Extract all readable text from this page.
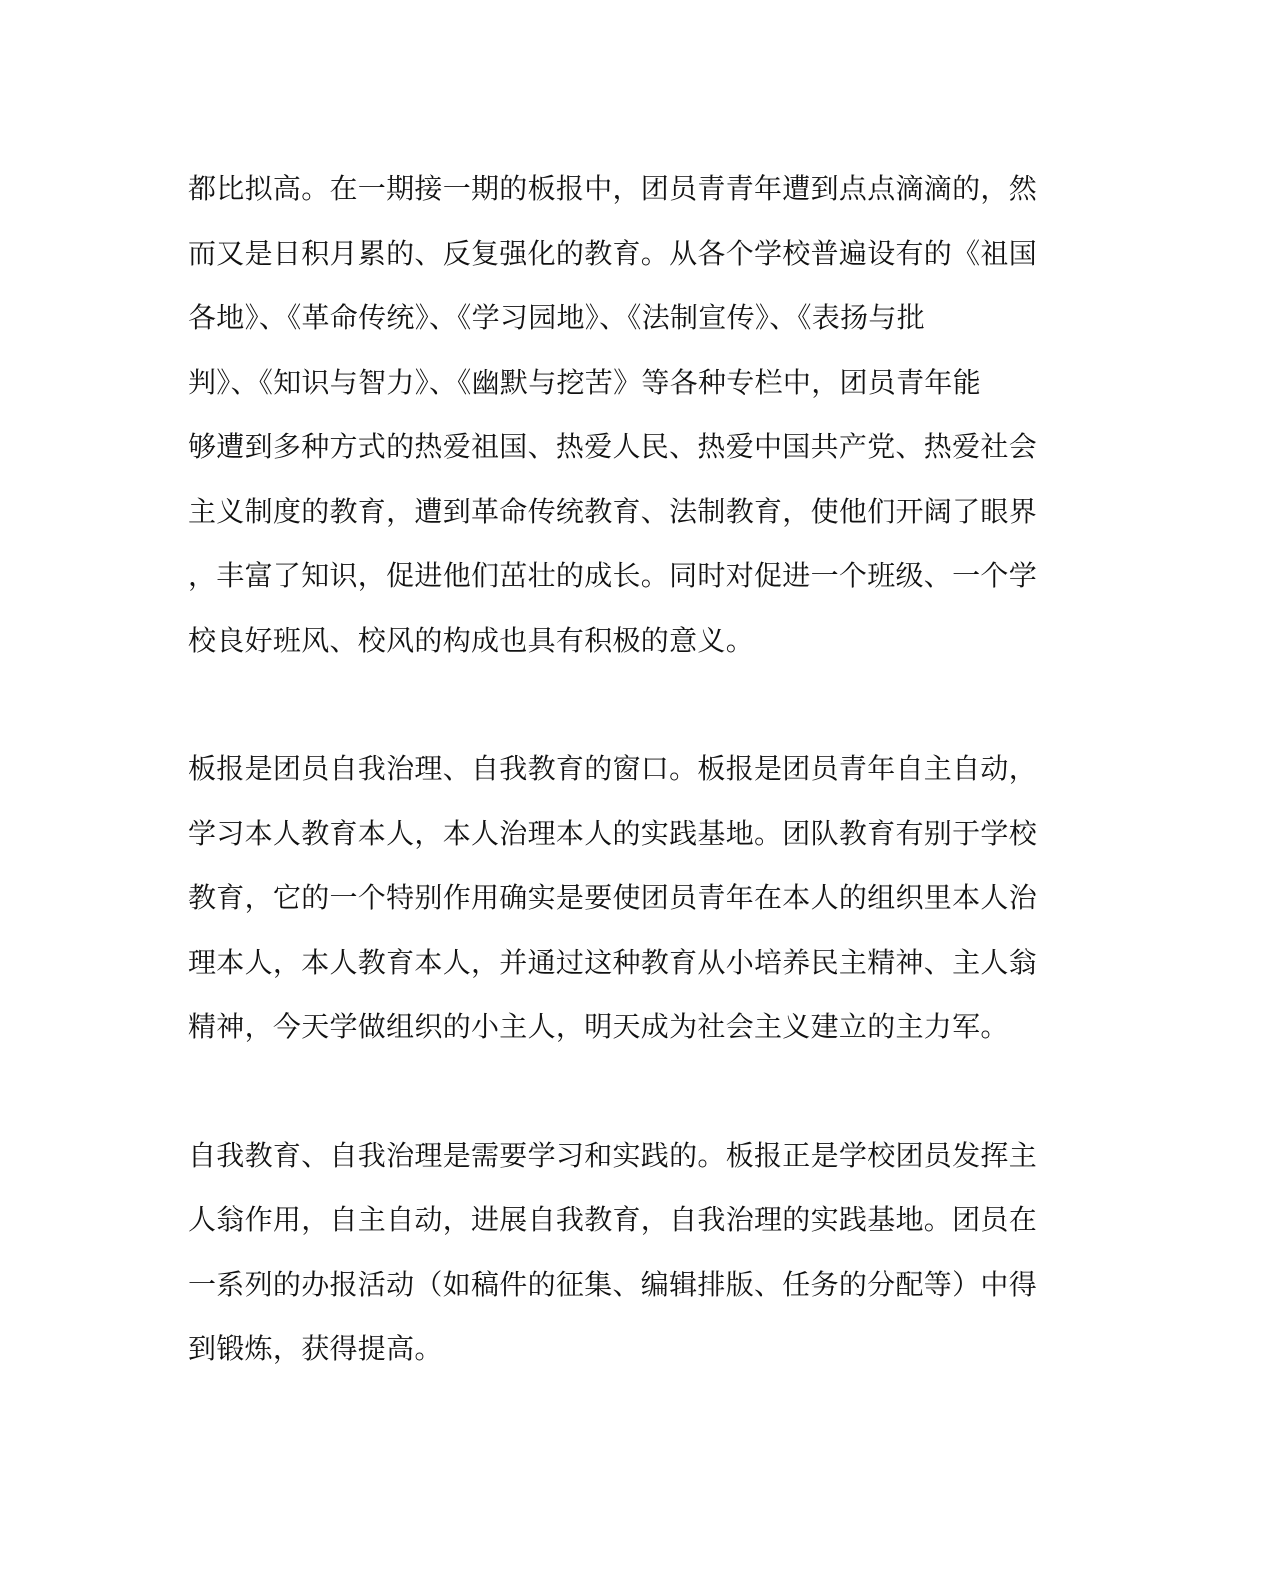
都比拟高。在一期接一期的板报中，团员青青年遭到点点滴滴的，然
而又是日积月累的、反复强化的教育。从各个学校普遍设有的《祖国
各地》、《革命传统》、《学习园地》、《法制宣传》、《表扬与批
判》、《知识与智力》、《幽默与挖苦》等各种专栏中，团员青年能
够遭到多种方式的热爱祖国、热爱人民、热爱中国共产党、热爱社会
主义制度的教育，遭到革命传统教育、法制教育，使他们开阔了眼界
，丰富了知识，促进他们茁壮的成长。同时对促进一个班级、一个学
校良好班风、校风的构成也具有积极的意义。

板报是团员自我治理、自我教育的窗口。板报是团员青年自主自动，
学习本人教育本人，本人治理本人的实践基地。团队教育有别于学校
教育，它的一个特别作用确实是要使团员青年在本人的组织里本人治
理本人，本人教育本人，并通过这种教育从小培养民主精神、主人翁
精神，今天学做组织的小主人，明天成为社会主义建立的主力军。

自我教育、自我治理是需要学习和实践的。板报正是学校团员发挥主
人翁作用，自主自动，进展自我教育，自我治理的实践基地。团员在
一系列的办报活动（如稿件的征集、编辑排版、任务的分配等）中得
到锻炼，获得提高。
